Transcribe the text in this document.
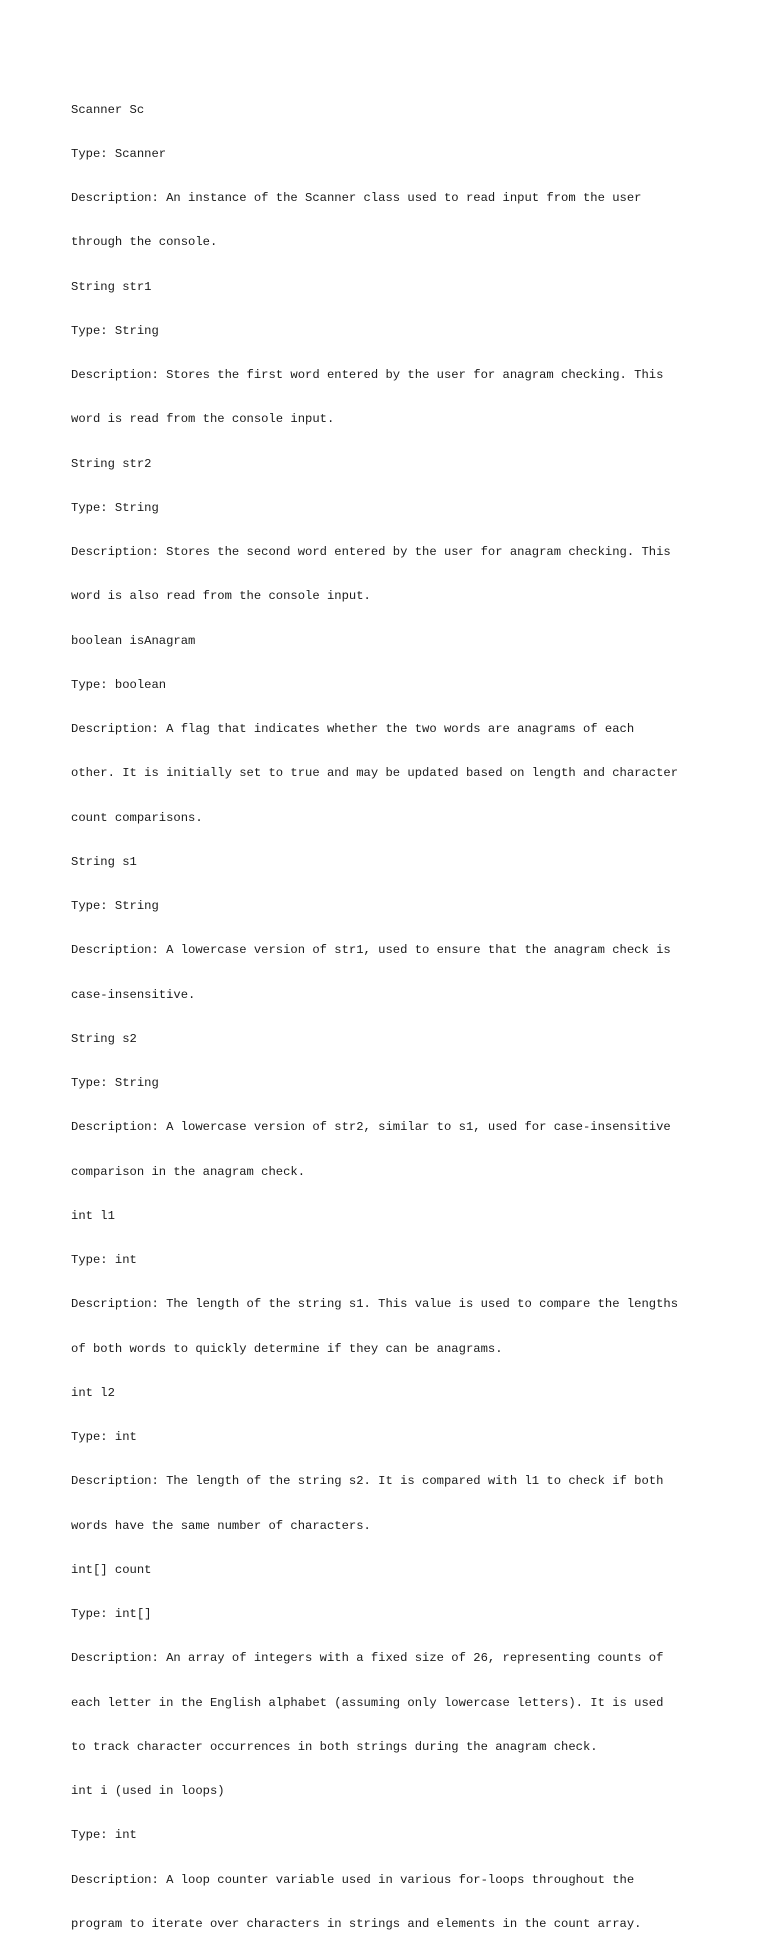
Scanner Sc

Type: Scanner

Description: An instance of the Scanner class used to read input from the user

through the console.

String str1

Type: String

Description: Stores the first word entered by the user for anagram checking. This

word is read from the console input.

String str2

Type: String

Description: Stores the second word entered by the user for anagram checking. This

word is also read from the console input.

boolean isAnagram

Type: boolean

Description: A flag that indicates whether the two words are anagrams of each

other. It is initially set to true and may be updated based on length and character

count comparisons.

String s1

Type: String

Description: A lowercase version of str1, used to ensure that the anagram check is

case-insensitive.

String s2

Type: String

Description: A lowercase version of str2, similar to s1, used for case-insensitive

comparison in the anagram check.

int l1

Type: int

Description: The length of the string s1. This value is used to compare the lengths

of both words to quickly determine if they can be anagrams.

int l2

Type: int

Description: The length of the string s2. It is compared with l1 to check if both

words have the same number of characters.

int[] count

Type: int[]

Description: An array of integers with a fixed size of 26, representing counts of

each letter in the English alphabet (assuming only lowercase letters). It is used

to track character occurrences in both strings during the anagram check.

int i (used in loops)

Type: int

Description: A loop counter variable used in various for-loops throughout the

program to iterate over characters in strings and elements in the count array.
